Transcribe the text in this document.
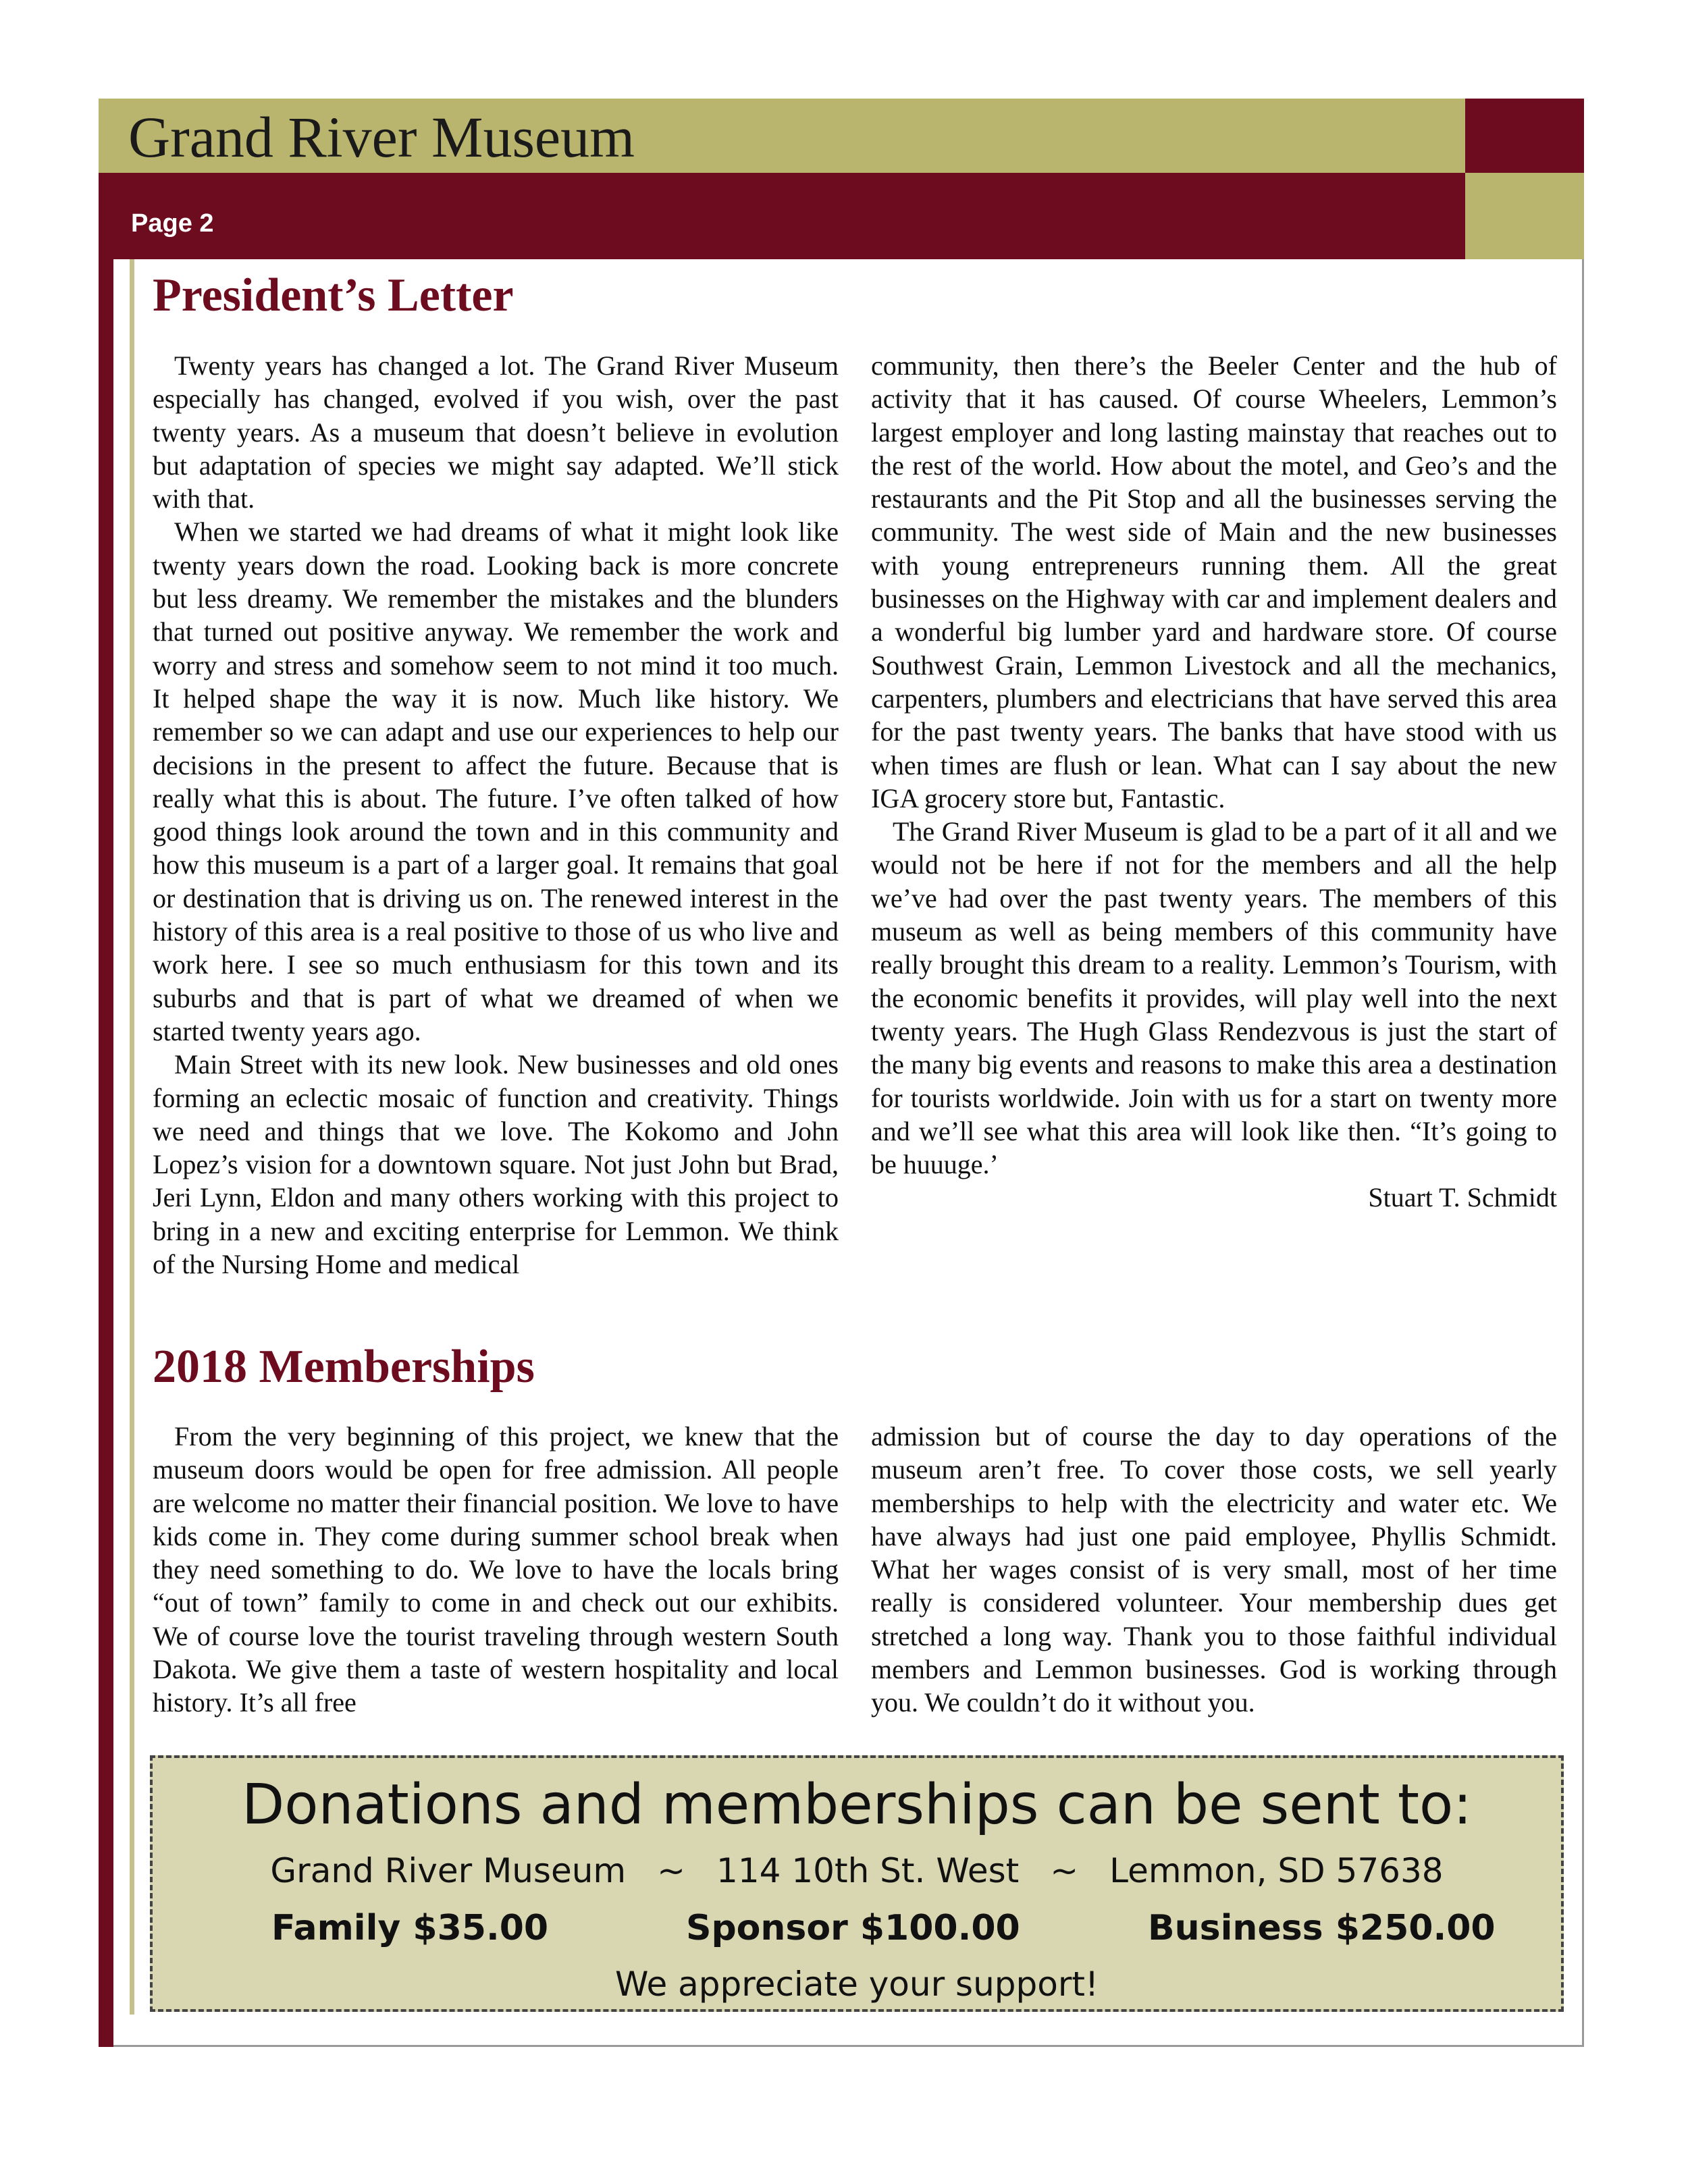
Grand River Museum
Page 2
President’s Letter

Twenty years has changed a lot. The Grand River Museum especially has changed, evolved if you wish, over the past twenty years. As a museum that doesn’t believe in evolution but adaptation of species we might say adapted. We’ll stick with that.

When we started we had dreams of what it might look like twenty years down the road. Looking back is more concrete but less dreamy. We remember the mistakes and the blunders that turned out positive anyway. We remember the work and worry and stress and somehow seem to not mind it too much. It helped shape the way it is now. Much like history. We remember so we can adapt and use our experiences to help our decisions in the present to affect the future. Because that is really what this is about. The future. I’ve often talked of how good things look around the town and in this community and how this museum is a part of a larger goal. It remains that goal or destination that is driving us on. The renewed interest in the history of this area is a real positive to those of us who live and work here. I see so much enthusiasm for this town and its suburbs and that is part of what we dreamed of when we started twenty years ago.

Main Street with its new look. New businesses and old ones forming an eclectic mosaic of function and creativity. Things we need and things that we love. The Kokomo and John Lopez’s vision for a downtown square. Not just John but Brad, Jeri Lynn, Eldon and many others working with this project to bring in a new and exciting enterprise for Lemmon. We think of the Nursing Home and medical

community, then there’s the Beeler Center and the hub of activity that it has caused. Of course Wheelers, Lemmon’s largest employer and long lasting mainstay that reaches out to the rest of the world. How about the motel, and Geo’s and the restaurants and the Pit Stop and all the businesses serving the community. The west side of Main and the new businesses with young entrepreneurs running them. All the great businesses on the Highway with car and implement dealers and a wonderful big lumber yard and hardware store. Of course Southwest Grain, Lemmon Livestock and all the mechanics, carpenters, plumbers and electricians that have served this area for the past twenty years. The banks that have stood with us when times are flush or lean. What can I say about the new IGA grocery store but, Fantastic.

The Grand River Museum is glad to be a part of it all and we would not be here if not for the members and all the help we’ve had over the past twenty years. The members of this museum as well as being members of this community have really brought this dream to a reality. Lemmon’s Tourism, with the economic benefits it provides, will play well into the next twenty years. The Hugh Glass Rendezvous is just the start of the many big events and reasons to make this area a destination for tourists worldwide. Join with us for a start on twenty more and we’ll see what this area will look like then. “It’s going to be huuuge.’

Stuart T. Schmidt

2018 Memberships

From the very beginning of this project, we knew that the museum doors would be open for free admission. All people are welcome no matter their financial position. We love to have kids come in. They come during summer school break when they need something to do. We love to have the locals bring “out of town” family to come in and check out our exhibits. We of course love the tourist traveling through western South Dakota. We give them a taste of western hospitality and local history. It’s all free

admission but of course the day to day operations of the museum aren’t free. To cover those costs, we sell yearly memberships to help with the electricity and water etc. We have always had just one paid employee, Phyllis Schmidt. What her wages consist of is very small, most of her time really is considered volunteer. Your membership dues get stretched a long way. Thank you to those faithful individual members and Lemmon businesses. God is working through you. We couldn’t do it without you.

Donations and memberships can be sent to:
Grand River Museum ~ 114 10th St. West ~ Lemmon, SD 57638
Family $35.00	Sponsor $100.00	Business $250.00
We appreciate your support!
